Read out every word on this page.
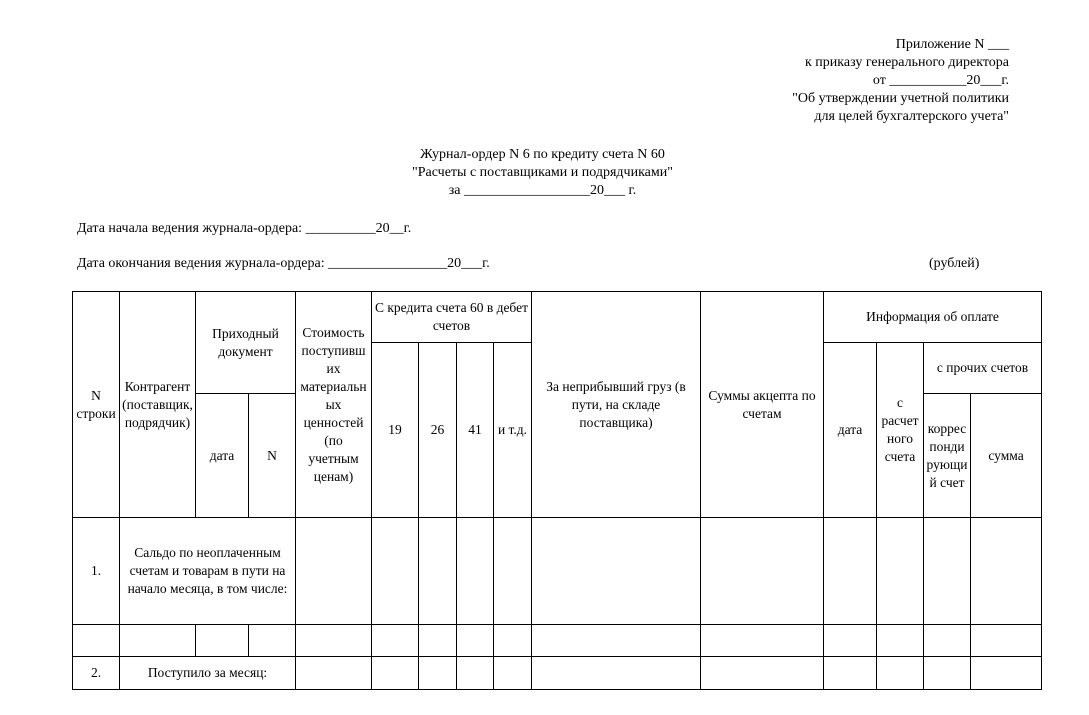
Приложение N ___
к приказу генерального директора
от ___________20___г.
"Об утверждении учетной политики
для целей бухгалтерского учета"
Журнал-ордер N 6 по кредиту счета N 60
"Расчеты с поставщиками и подрядчиками"
за __________________20___ г.
Дата начала ведения журнала-ордера: __________20__г.
Дата окончания ведения журнала-ордера: _________________20___г.	(рублей)
N строки	Контрагент (поставщик, подрядчик)	Приходный документ		Стоимость поступивших материальных ценностей (по учетным ценам)	С кредита счета 60 в дебет счетов				За неприбывший груз (в пути, на складе поставщика)	Суммы акцепта по счетам	Информация об оплате			
					19	26	41	и т.д.			дата	с расчетного счета	с прочих счетов	
		дата	N										корреспондирующий счет	сумма
1.	Сальдо по неоплаченным счетам и товарам в пути на начало месяца, в том числе:													

2.	Поступило за месяц:													
